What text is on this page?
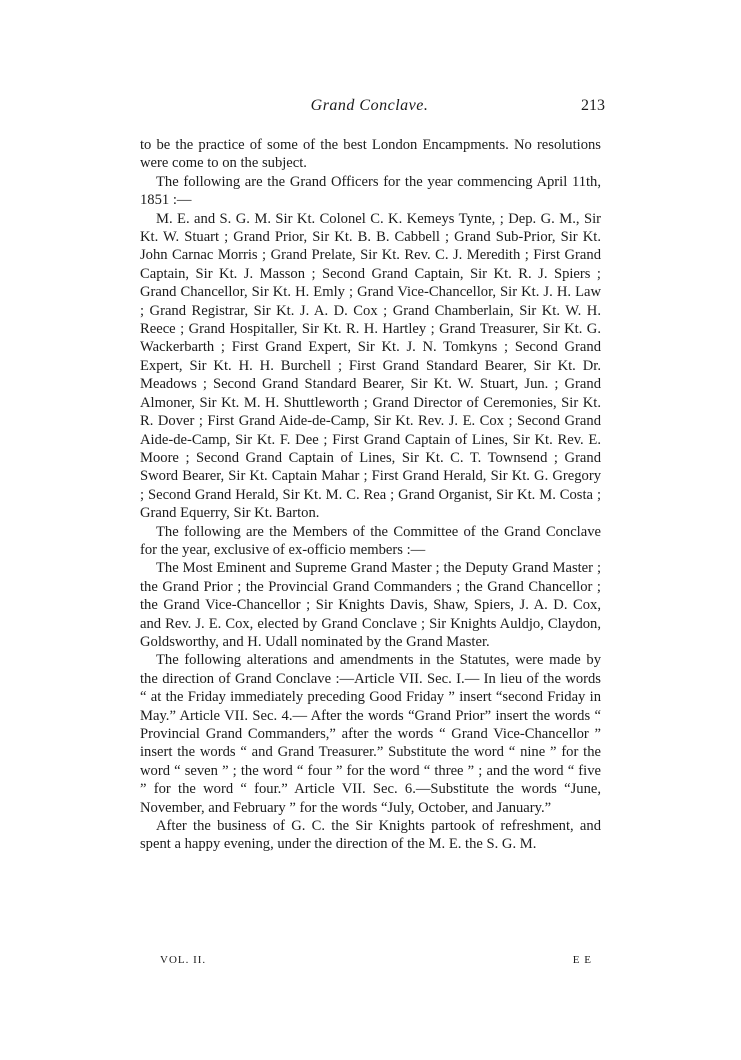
Grand Conclave.	213

to be the practice of some of the best London Encampments. No resolutions were come to on the subject.

The following are the Grand Officers for the year commencing April 11th, 1851 :—

M. E. and S. G. M. Sir Kt. Colonel C. K. Kemeys Tynte, ; Dep. G. M., Sir Kt. W. Stuart ; Grand Prior, Sir Kt. B. B. Cabbell ; Grand Sub-Prior, Sir Kt. John Carnac Morris ; Grand Prelate, Sir Kt. Rev. C. J. Meredith ; First Grand Captain, Sir Kt. J. Masson ; Second Grand Captain, Sir Kt. R. J. Spiers ; Grand Chancellor, Sir Kt. H. Emly ; Grand Vice-Chancellor, Sir Kt. J. H. Law ; Grand Registrar, Sir Kt. J. A. D. Cox ; Grand Chamberlain, Sir Kt. W. H. Reece ; Grand Hospitaller, Sir Kt. R. H. Hartley ; Grand Treasurer, Sir Kt. G. Wackerbarth ; First Grand Expert, Sir Kt. J. N. Tomkyns ; Second Grand Expert, Sir Kt. H. H. Burchell ; First Grand Standard Bearer, Sir Kt. Dr. Meadows ; Second Grand Standard Bearer, Sir Kt. W. Stuart, Jun. ; Grand Almoner, Sir Kt. M. H. Shuttleworth ; Grand Director of Ceremonies, Sir Kt. R. Dover ; First Grand Aide-de-Camp, Sir Kt. Rev. J. E. Cox ; Second Grand Aide-de-Camp, Sir Kt. F. Dee ; First Grand Captain of Lines, Sir Kt. Rev. E. Moore ; Second Grand Captain of Lines, Sir Kt. C. T. Townsend ; Grand Sword Bearer, Sir Kt. Captain Mahar ; First Grand Herald, Sir Kt. G. Gregory ; Second Grand Herald, Sir Kt. M. C. Rea ; Grand Organist, Sir Kt. M. Costa ; Grand Equerry, Sir Kt. Barton.

The following are the Members of the Committee of the Grand Conclave for the year, exclusive of ex-officio members :—

The Most Eminent and Supreme Grand Master ; the Deputy Grand Master ; the Grand Prior ; the Provincial Grand Commanders ; the Grand Chancellor ; the Grand Vice-Chancellor ; Sir Knights Davis, Shaw, Spiers, J. A. D. Cox, and Rev. J. E. Cox, elected by Grand Conclave ; Sir Knights Auldjo, Claydon, Goldsworthy, and H. Udall nominated by the Grand Master.

The following alterations and amendments in the Statutes, were made by the direction of Grand Conclave :—Article VII. Sec. I.— In lieu of the words “ at the Friday immediately preceding Good Friday ” insert “second Friday in May.” Article VII. Sec. 4.— After the words “Grand Prior” insert the words “ Provincial Grand Commanders,” after the words “ Grand Vice-Chancellor ” insert the words “ and Grand Treasurer.” Substitute the word “ nine ” for the word “ seven ” ; the word “ four ” for the word “ three ” ; and the word “ five ” for the word “ four.” Article VII. Sec. 6.—Substitute the words “June, November, and February ” for the words “July, October, and January.”

After the business of G. C. the Sir Knights partook of refreshment, and spent a happy evening, under the direction of the M. E. the S. G. M.

VOL. II.	E E
